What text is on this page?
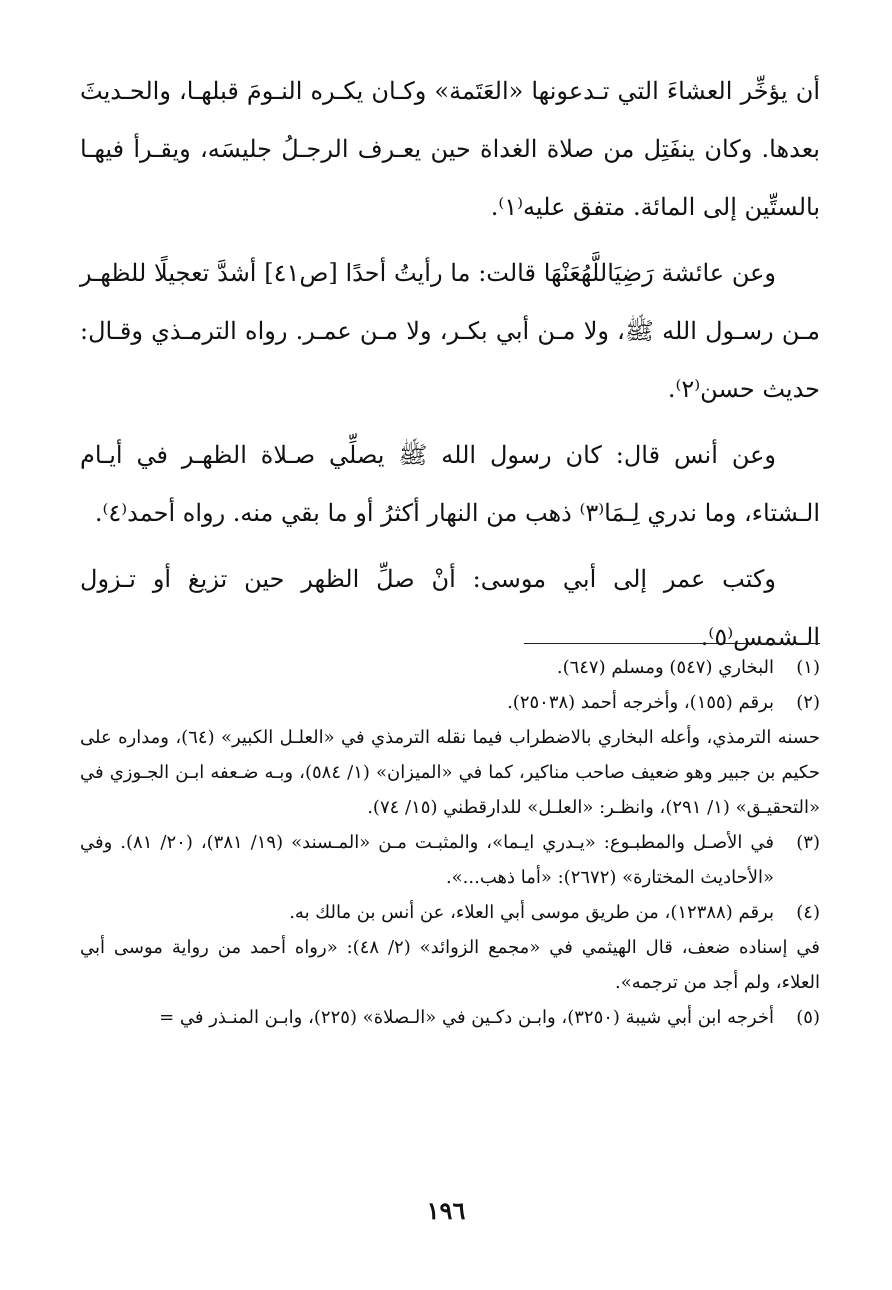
أن يؤخِّر العشاءَ التي تـدعونها «العَتَمة» وكـان يكـره النـومَ قبلهـا، والحـديثَ بعدها. وكان ينفَتِل من صلاة الغداة حين يعـرف الرجـلُ جليسَه، ويقـرأ فيهـا بالستِّين إلى المائة. متفق عليه⁽١⁾.

وعن عائشة رَضِيَاللَّهُعَنْهَا قالت: ما رأيتُ أحدًا [ص٤١] أشدَّ تعجيلًا للظهـر مـن رسـول الله ﷺ، ولا مـن أبي بكـر، ولا مـن عمـر. رواه الترمـذي وقـال: حديث حسن⁽٢⁾.

وعن أنس قال: كان رسول الله ﷺ يصلِّي صـلاة الظهـر في أيـام الـشتاء، وما ندري لِـمَا⁽٣⁾ ذهب من النهار أكثرُ أو ما بقي منه. رواه أحمد⁽٤⁾.

وكتب عمر إلى أبي موسى: أنْ صلِّ الظهر حين تزيغ أو تـزول الـشمس⁽٥⁾.

(١)
البخاري (٥٤٧) ومسلم (٦٤٧).
(٢)
برقم (١٥٥)، وأخرجه أحمد (٢٥٠٣٨).
حسنه الترمذي، وأعله البخاري بالاضطراب فيما نقله الترمذي في «العلـل الكبير» (٦٤)، ومداره على حكيم بن جبير وهو ضعيف صاحب مناكير، كما في «الميزان» (١/ ٥٨٤)، وبـه ضـعفه ابـن الجـوزي في «التحقيـق» (١/ ٢٩١)، وانظـر: «العلـل» للدارقطني (١٥/ ٧٤).
(٣)
في الأصـل والمطبـوع: «يـدري ايـما»، والمثبـت مـن «المـسند» (١٩/ ٣٨١)، (٢٠/ ٨١). وفي «الأحاديث المختارة» (٢٦٧٢): «أما ذهب...».
(٤)
برقم (١٢٣٨٨)، من طريق موسى أبي العلاء، عن أنس بن مالك به.
في إسناده ضعف، قال الهيثمي في «مجمع الزوائد» (٢/ ٤٨): «رواه أحمد من رواية موسى أبي العلاء، ولم أجد من ترجمه».
(٥)
أخرجه ابن أبي شيبة (٣٢٥٠)، وابـن دكـين في «الـصلاة» (٢٢٥)، وابـن المنـذر في =
١٩٦
